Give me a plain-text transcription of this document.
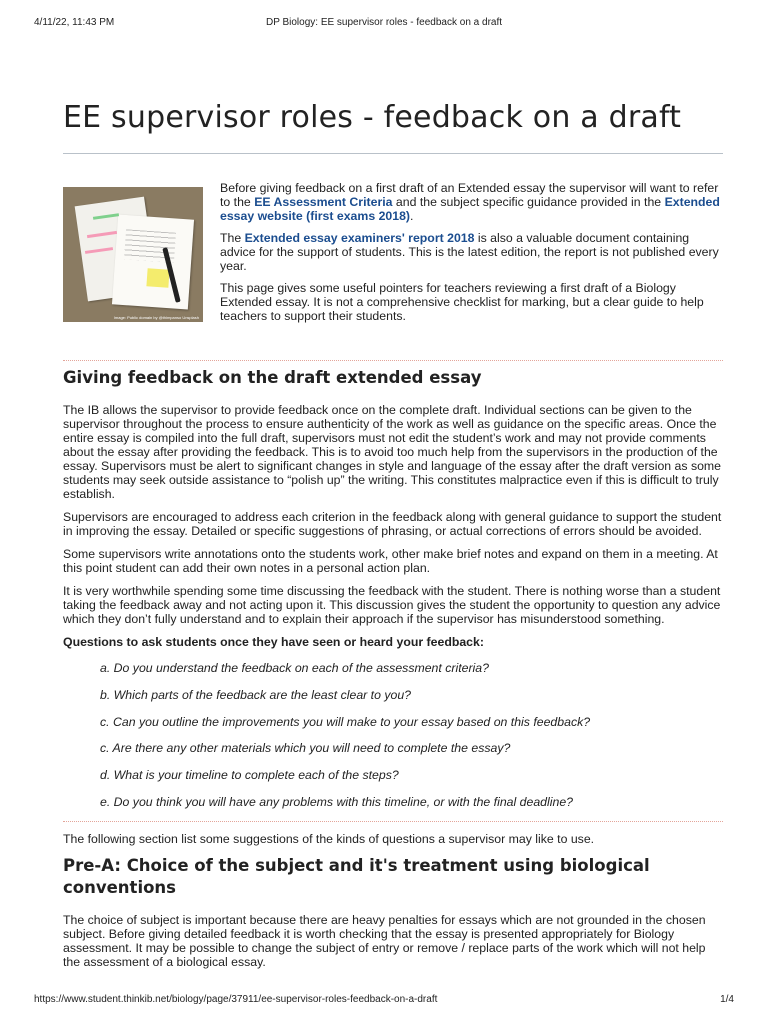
4/11/22, 11:43 PM	DP Biology: EE supervisor roles - feedback on a draft
EE supervisor roles - feedback on a draft
Image: Public domain by @thimpanso Unsplash

Before giving feedback on a first draft of an Extended essay the supervisor will want to refer to the EE Assessment Criteria and the subject specific guidance provided in the Extended essay website (first exams 2018).

The Extended essay examiners' report 2018 is also a valuable document containing advice for the support of students. This is the latest edition, the report is not published every year.

This page gives some useful pointers for teachers reviewing a first draft of a Biology Extended essay. It is not a comprehensive checklist for marking, but a clear guide to help teachers to support their students.

Giving feedback on the draft extended essay

The IB allows the supervisor to provide feedback once on the complete draft. Individual sections can be given to the supervisor throughout the process to ensure authenticity of the work as well as guidance on the specific areas. Once the entire essay is compiled into the full draft, supervisors must not edit the student’s work and may not provide comments about the essay after providing the feedback. This is to avoid too much help from the supervisors in the production of the essay. Supervisors must be alert to significant changes in style and language of the essay after the draft version as some students may seek outside assistance to “polish up” the writing. This constitutes malpractice even if this is difficult to truly establish.

Supervisors are encouraged to address each criterion in the feedback along with general guidance to support the student in improving the essay. Detailed or specific suggestions of phrasing, or actual corrections of errors should be avoided.

Some supervisors write annotations onto the students work, other make brief notes and expand on them in a meeting. At this point student can add their own notes in a personal action plan.

It is very worthwhile spending some time discussing the feedback with the student. There is nothing worse than a student taking the feedback away and not acting upon it. This discussion gives the student the opportunity to question any advice which they don’t fully understand and to explain their approach if the supervisor has misunderstood something.

Questions to ask students once they have seen or heard your feedback:

a. Do you understand the feedback on each of the assessment criteria?
b. Which parts of the feedback are the least clear to you?
c. Can you outline the improvements you will make to your essay based on this feedback?
c. Are there any other materials which you will need to complete the essay?
d. What is your timeline to complete each of the steps?
e. Do you think you will have any problems with this timeline, or with the final deadline?

The following section list some suggestions of the kinds of questions a supervisor may like to use.

Pre-A: Choice of the subject and it's treatment using biological conventions

The choice of subject is important because there are heavy penalties for essays which are not grounded in the chosen subject. Before giving detailed feedback it is worth checking that the essay is presented appropriately for Biology assessment. It may be possible to change the subject of entry or remove / replace parts of the work which will not help the assessment of a biological essay.

https://www.student.thinkib.net/biology/page/37911/ee-supervisor-roles-feedback-on-a-draft	1/4
